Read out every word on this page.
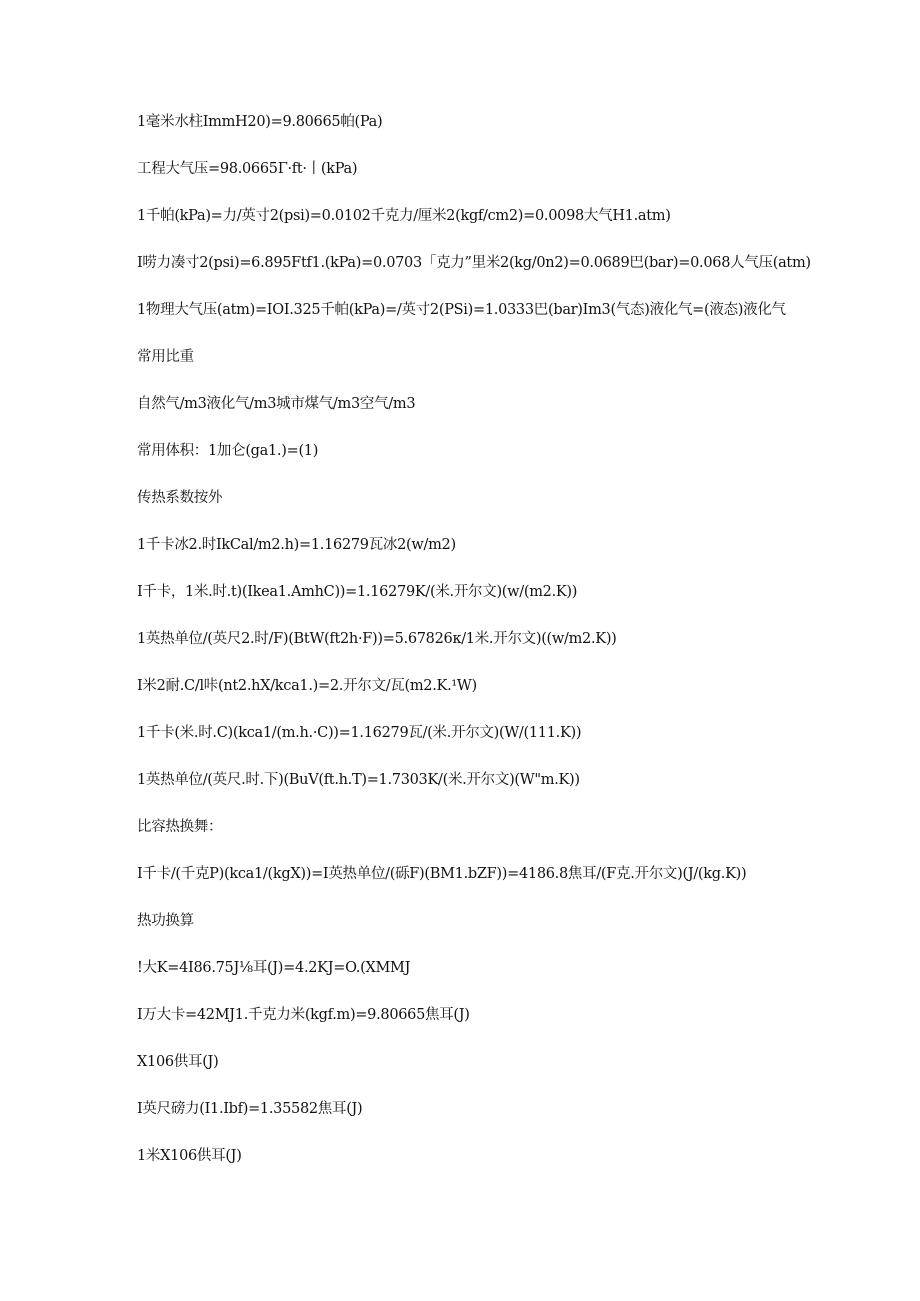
1毫米水柱ImmH20)=9.80665帕(Pa)
工程大气压=98.0665Γ·ft·丨(kPa)
1千帕(kPa)=力/英寸2(psi)=0.0102千克力/厘米2(kgf/cm2)=0.0098大气H1.atm)
I唠力凑寸2(psi)=6.895Ftf1.(kPa)=0.0703「克力”里米2(kg/0n2)=0.0689巴(bar)=0.068人气压(atm)
1物理大气压(atm)=IOI.325千帕(kPa)=/英寸2(PSi)=1.0333巴(bar)Im3(气态)液化气=(液态)液化气
常用比重
自然气/m3液化气/m3城市煤气/m3空气/m3
常用体积：1加仑(ga1.)=(1)
传热系数按外
1千卡冰2.时IkCal/m2.h)=1.16279瓦冰2(w/m2)
I千卡，1米.时.t)(Ikea1.AmhC))=1.16279K/(米.开尔文)(w/(m2.K))
1英热单位/(英尺2.时/F)(BtW(ft2h·F))=5.67826κ/1米.开尔文)((w/m2.K))
I米2耐.C/l咔(nt2.hX/kca1.)=2.开尔文/瓦(m2.K.¹W)
1千卡(米.时.C)(kca1/(m.h.·C))=1.16279瓦/(米.开尔文)(W/(111.K))
1英热单位/(英尺.时.下)(BuV(ft.h.T)=1.7303K/(米.开尔文)(W"m.K))
比容热换舞：
I千卡/(千克P)(kca1/(kgX))=I英热单位/(砾F)(BM1.bZF))=4186.8焦耳/(F克.开尔文)(J/(kg.K))
热功换算
!大K=4I86.75J⅛耳(J)=4.2KJ=O.(XMMJ
I万大卡=42MJ1.千克力米(kgf.m)=9.80665焦耳(J)
X106供耳(J)
I英尺磅力(I1.Ibf)=1.35582焦耳(J)
1米X106供耳(J)
